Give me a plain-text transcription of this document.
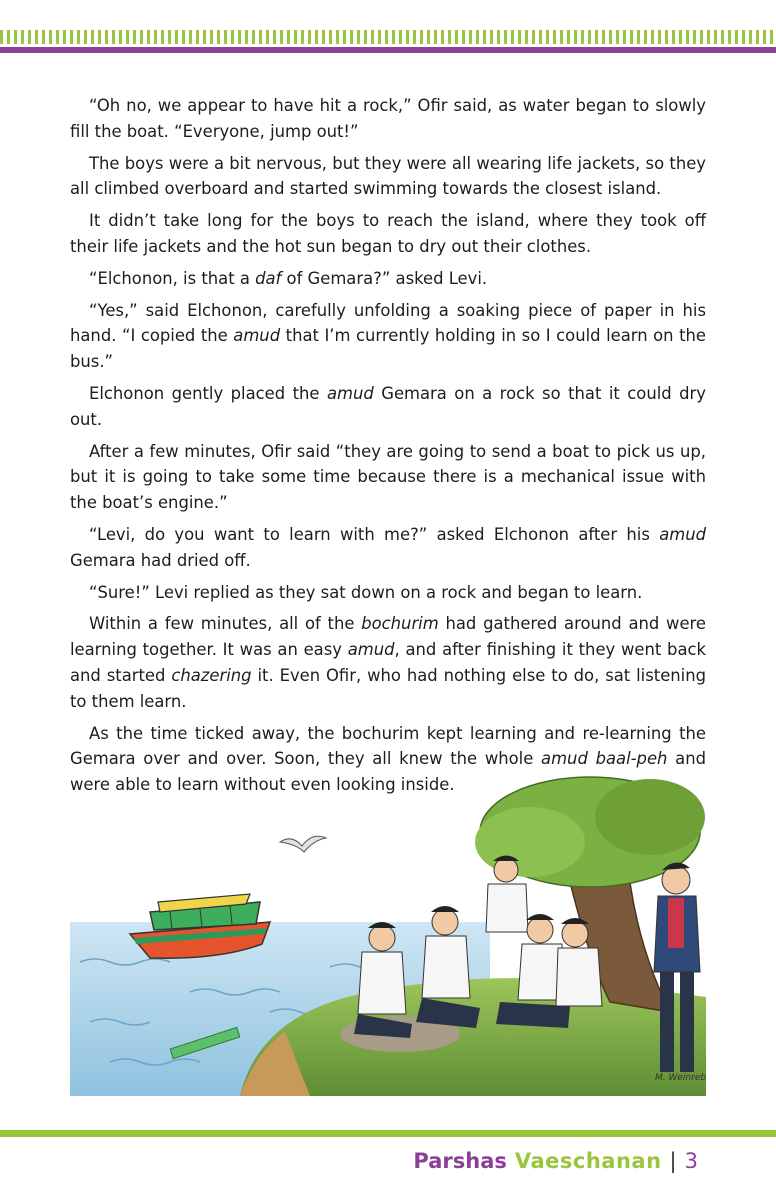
“Oh no, we appear to have hit a rock,” Ofir said, as water began to slowly fill the boat. “Everyone, jump out!”

The boys were a bit nervous, but they were all wearing life jackets, so they all climbed overboard and started swimming towards the closest island.

It didn’t take long for the boys to reach the island, where they took off their life jackets and the hot sun began to dry out their clothes.

“Elchonon, is that a daf of Gemara?” asked Levi.

“Yes,” said Elchonon, carefully unfolding a soaking piece of paper in his hand. “I copied the amud that I’m currently holding in so I could learn on the bus.”

Elchonon gently placed the amud Gemara on a rock so that it could dry out.

After a few minutes, Ofir said “they are going to send a boat to pick us up, but it is going to take some time because there is a mechanical issue with the boat’s engine.”

“Levi, do you want to learn with me?” asked Elchonon after his amud Gemara had dried off.

“Sure!” Levi replied as they sat down on a rock and began to learn.

Within a few minutes, all of the bochurim had gathered around and were learning together. It was an easy amud, and after finishing it they went back and started chazering it. Even Ofir, who had nothing else to do, sat listening to them learn.

As the time ticked away, the bochurim kept learning and re-learning the Gemara over and over. Soon, they all knew the whole amud baal-peh and were able to learn without even looking inside.

M. Weinreb
Parshas Vaeschanan | 3
